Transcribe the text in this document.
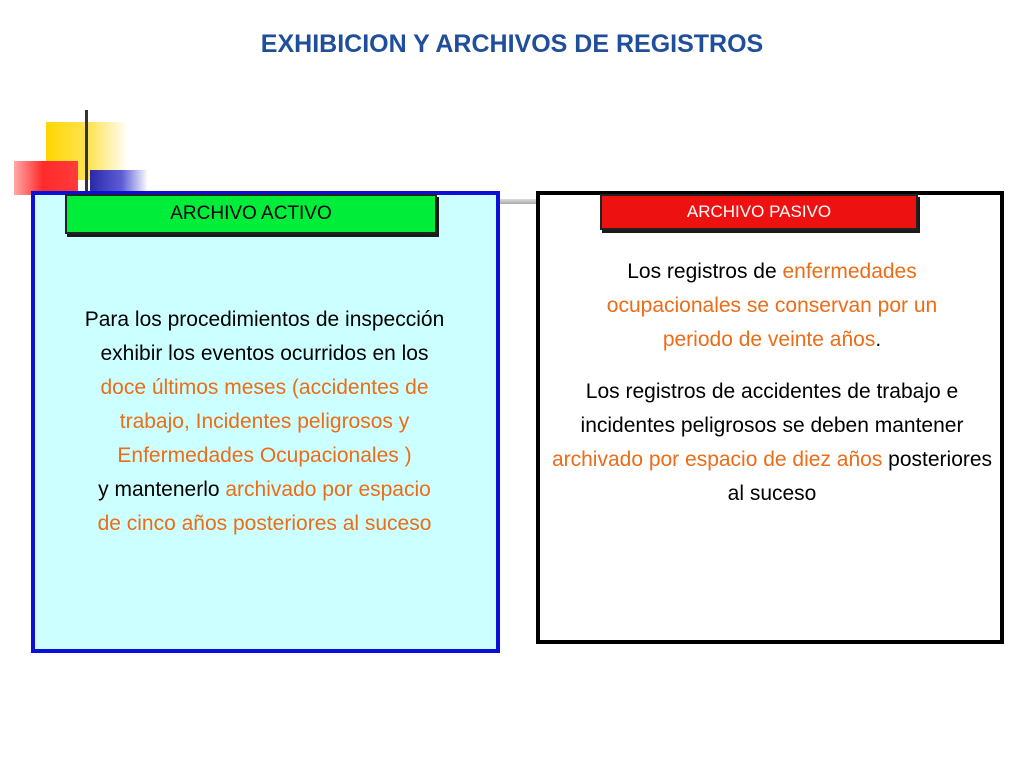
EXHIBICION Y ARCHIVOS DE REGISTROS
ARCHIVO ACTIVO	ARCHIVO PASIVO
Para los procedimientos de inspección
exhibir los eventos ocurridos en los
doce últimos meses (accidentes de
trabajo, Incidentes peligrosos y
Enfermedades Ocupacionales )
y mantenerlo archivado por espacio
de cinco años posteriores al suceso
Los registros de enfermedades ocupacionales se conservan por un periodo de veinte años.
Los registros de accidentes de trabajo e incidentes peligrosos se deben mantener archivado por espacio de diez años posteriores al suceso
